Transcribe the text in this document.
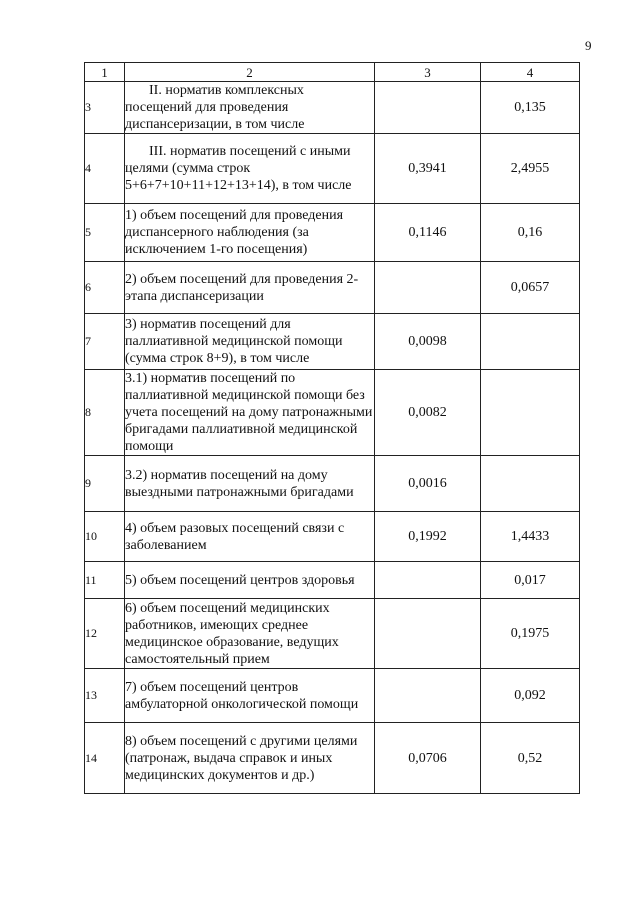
9
1	2	3	4
3	II. норматив комплексных посещений для проведения диспансеризации, в том числе		0,135
4	III. норматив посещений с иными целями (сумма строк 5+6+7+10+11+12+13+14), в том числе	0,3941	2,4955
5	1) объем посещений для проведения диспансерного наблюдения (за исключением 1-го посещения)	0,1146	0,16
6	2) объем посещений для проведения 2-этапа диспансеризации		0,0657
7	3) норматив посещений для паллиативной медицинской помощи (сумма строк 8+9), в том числе	0,0098	
8	3.1) норматив посещений по паллиативной медицинской помощи без учета посещений на дому патронажными бригадами паллиативной медицинской помощи	0,0082	
9	3.2) норматив посещений на дому выездными патронажными бригадами	0,0016	
10	4) объем разовых посещений связи с заболеванием	0,1992	1,4433
11	5) объем посещений центров здоровья		0,017
12	6) объем посещений медицинских работников, имеющих среднее медицинское образование, ведущих самостоятельный прием		0,1975
13	7) объем посещений центров амбулаторной онкологической помощи		0,092
14	8) объем посещений с другими целями (патронаж, выдача справок и иных медицинских документов и др.)	0,0706	0,52
